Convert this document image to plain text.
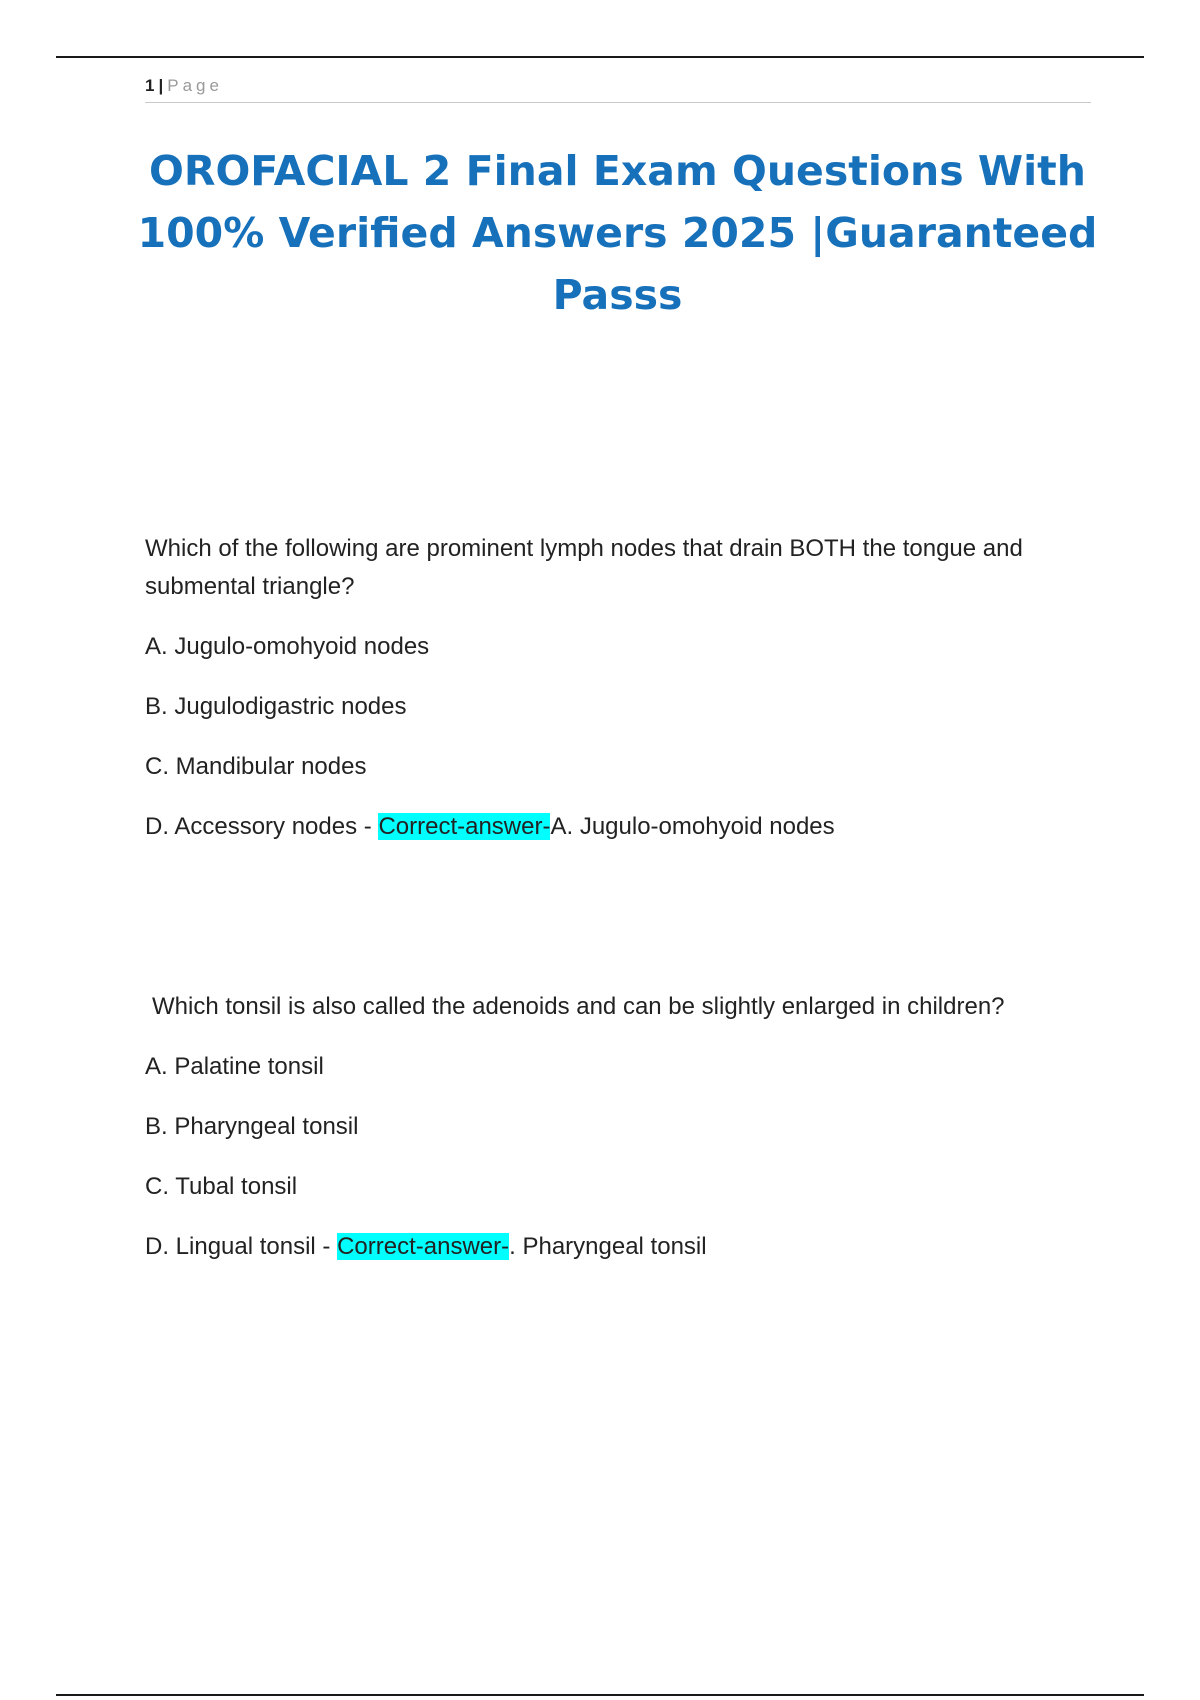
1 | Page
OROFACIAL 2 Final Exam Questions With 100% Verified Answers 2025 |Guaranteed Passs

Which of the following are prominent lymph nodes that drain BOTH the tongue and submental triangle?

A. Jugulo-omohyoid nodes

B. Jugulodigastric nodes

C. Mandibular nodes

D. Accessory nodes - Correct-answer-A. Jugulo-omohyoid nodes

Which tonsil is also called the adenoids and can be slightly enlarged in children?

A. Palatine tonsil

B. Pharyngeal tonsil

C. Tubal tonsil

D. Lingual tonsil - Correct-answer-. Pharyngeal tonsil
